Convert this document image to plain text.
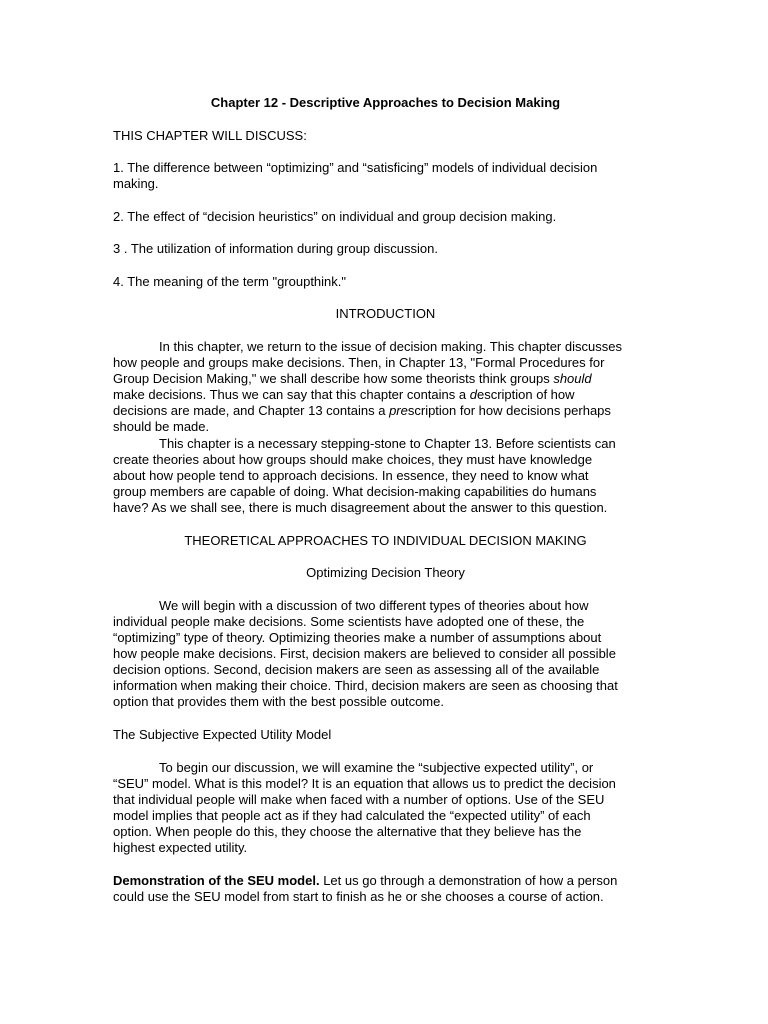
Chapter 12 - Descriptive Approaches to Decision Making
THIS CHAPTER WILL DISCUSS:
1. The difference between “optimizing” and “satisficing” models of individual decision
making.
2. The effect of “decision heuristics” on individual and group decision making.
3 . The utilization of information during group discussion.
4. The meaning of the term "groupthink."
INTRODUCTION
In this chapter, we return to the issue of decision making. This chapter discusses
how people and groups make decisions. Then, in Chapter 13, "Formal Procedures for
Group Decision Making," we shall describe how some theorists think groups should
make decisions. Thus we can say that this chapter contains a description of how
decisions are made, and Chapter 13 contains a prescription for how decisions perhaps
should be made.
This chapter is a necessary stepping-stone to Chapter 13. Before scientists can
create theories about how groups should make choices, they must have knowledge
about how people tend to approach decisions. In essence, they need to know what
group members are capable of doing. What decision-making capabilities do humans
have? As we shall see, there is much disagreement about the answer to this question.
THEORETICAL APPROACHES TO INDIVIDUAL DECISION MAKING
Optimizing Decision Theory
We will begin with a discussion of two different types of theories about how
individual people make decisions. Some scientists have adopted one of these, the
“optimizing” type of theory. Optimizing theories make a number of assumptions about
how people make decisions. First, decision makers are believed to consider all possible
decision options. Second, decision makers are seen as assessing all of the available
information when making their choice. Third, decision makers are seen as choosing that
option that provides them with the best possible outcome.
The Subjective Expected Utility Model
To begin our discussion, we will examine the “subjective expected utility”, or
“SEU” model. What is this model? It is an equation that allows us to predict the decision
that individual people will make when faced with a number of options. Use of the SEU
model implies that people act as if they had calculated the “expected utility” of each
option. When people do this, they choose the alternative that they believe has the
highest expected utility.
Demonstration of the SEU model. Let us go through a demonstration of how a person
could use the SEU model from start to finish as he or she chooses a course of action.
